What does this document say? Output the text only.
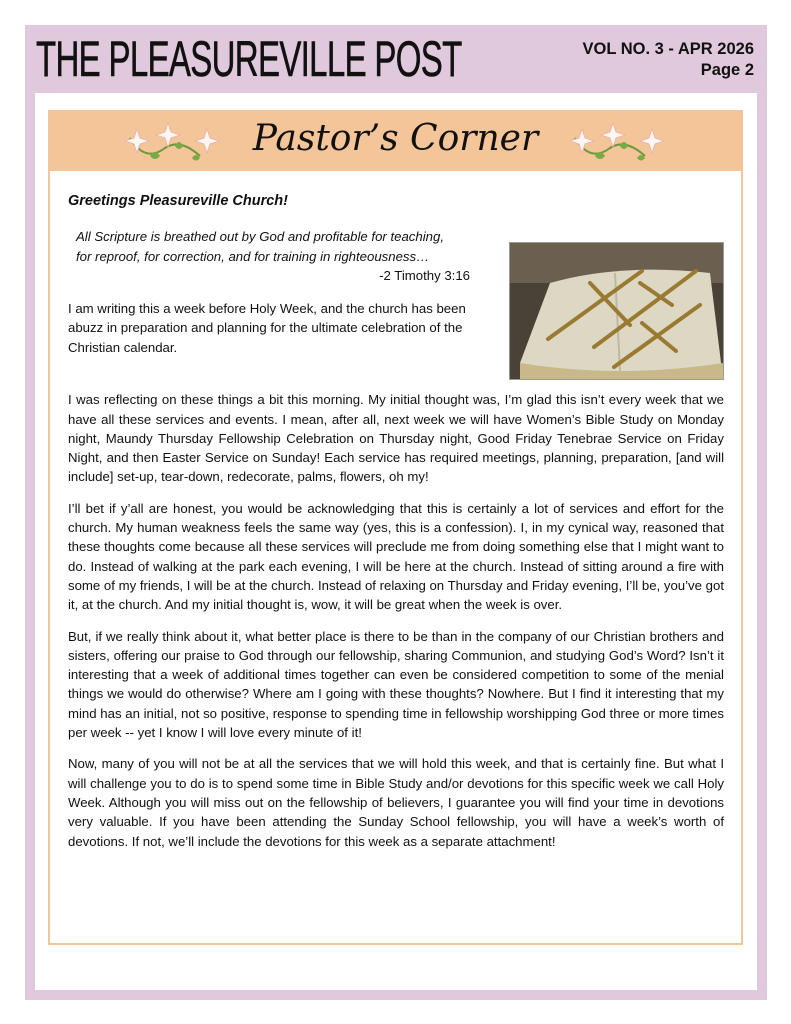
THE PLEASUREVILLE POST	VOL NO. 3 - APR 2026
Page 2
Pastor’s Corner
Greetings Pleasureville Church!
All Scripture is breathed out by God and profitable for teaching,
for reproof, for correction, and for training in righteousness…
-2 Timothy 3:16

I am writing this a week before Holy Week, and the church has been abuzz in preparation and planning for the ultimate celebration of the Christian calendar.

I was reflecting on these things a bit this morning. My initial thought was, I’m glad this isn’t every week that we have all these services and events. I mean, after all, next week we will have Women’s Bible Study on Monday night, Maundy Thursday Fellowship Celebration on Thursday night, Good Friday Tenebrae Service on Friday Night, and then Easter Service on Sunday! Each service has required meetings, planning, preparation, [and will include] set-up, tear-down, redecorate, palms, flowers, oh my!

I’ll bet if y’all are honest, you would be acknowledging that this is certainly a lot of services and effort for the church. My human weakness feels the same way (yes, this is a confession). I, in my cynical way, reasoned that these thoughts come because all these services will preclude me from doing something else that I might want to do. Instead of walking at the park each evening, I will be here at the church. Instead of sitting around a fire with some of my friends, I will be at the church. Instead of relaxing on Thursday and Friday evening, I’ll be, you’ve got it, at the church. And my initial thought is, wow, it will be great when the week is over.

But, if we really think about it, what better place is there to be than in the company of our Christian brothers and sisters, offering our praise to God through our fellowship, sharing Communion, and studying God’s Word? Isn’t it interesting that a week of additional times together can even be considered competition to some of the menial things we would do otherwise? Where am I going with these thoughts? Nowhere. But I find it interesting that my mind has an initial, not so positive, response to spending time in fellowship worshipping God three or more times per week -- yet I know I will love every minute of it!

Now, many of you will not be at all the services that we will hold this week, and that is certainly fine. But what I will challenge you to do is to spend some time in Bible Study and/or devotions for this specific week we call Holy Week. Although you will miss out on the fellowship of believers, I guarantee you will find your time in devotions very valuable. If you have been attending the Sunday School fellowship, you will have a week’s worth of devotions. If not, we’ll include the devotions for this week as a separate attachment!
